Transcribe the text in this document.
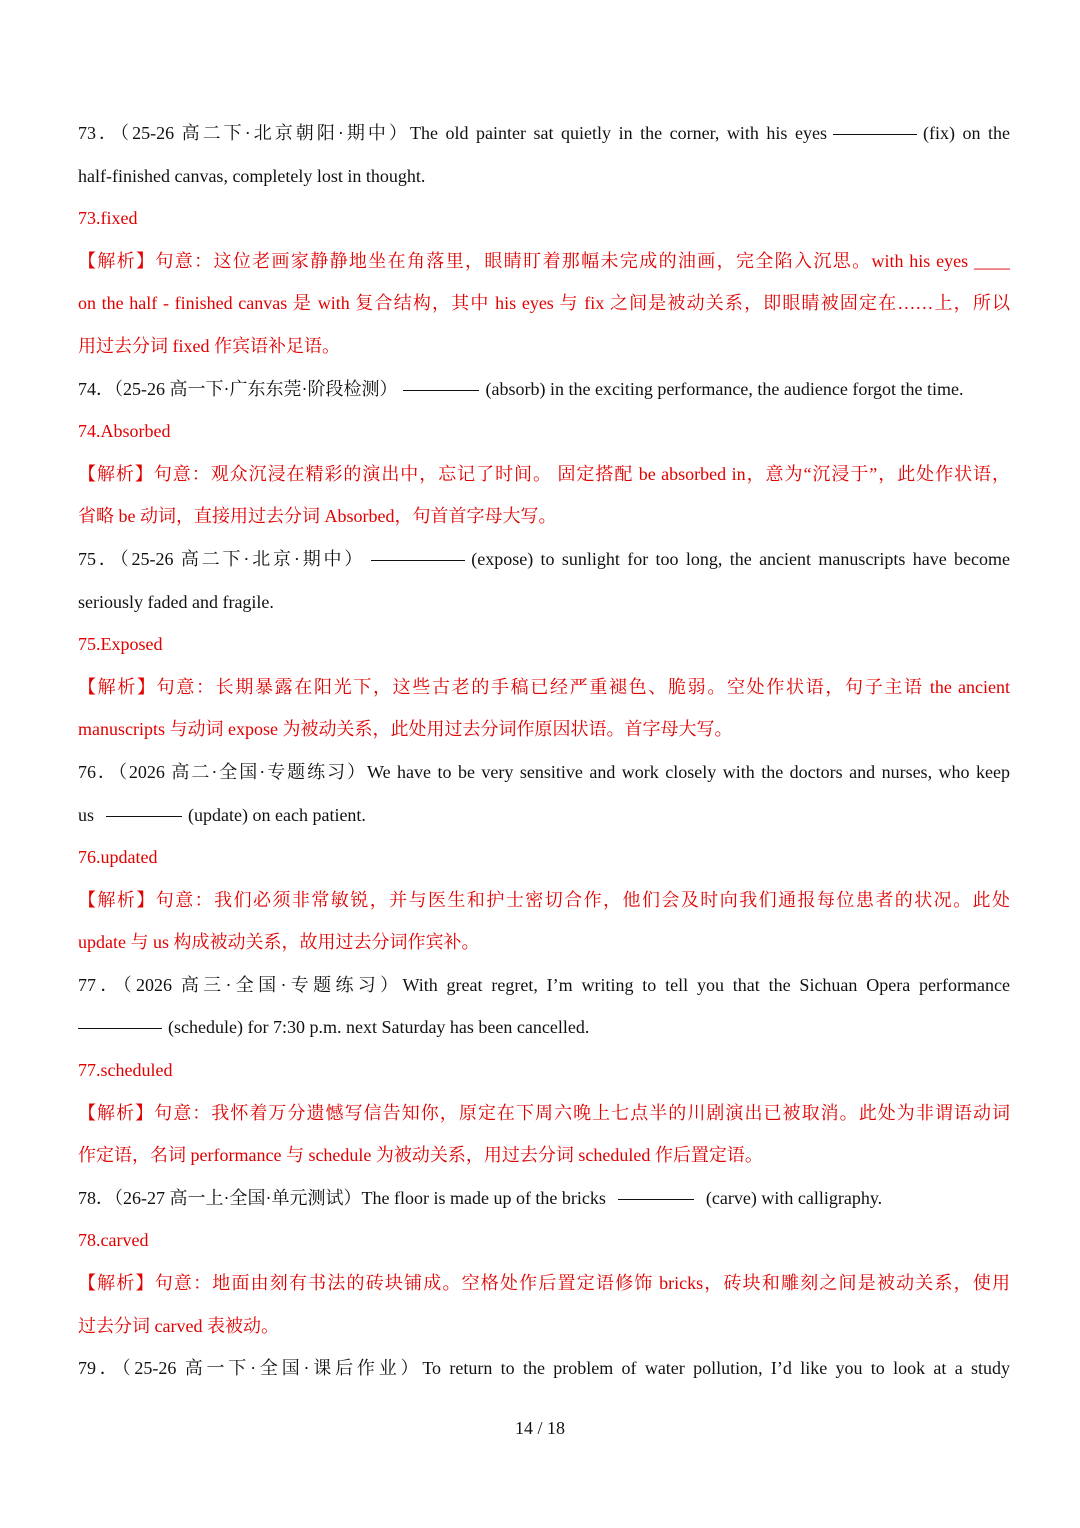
73．（25-26 高二下·北京朝阳·期中）The old painter sat quietly in the corner, with his eyes	(fix) on the
half-finished canvas, completely lost in thought.
73.fixed
【解析】句意：这位老画家静静地坐在角落里，眼睛盯着那幅未完成的油画，完全陷入沉思。with his eyes ____
on the half - finished canvas 是 with 复合结构，其中 his eyes 与 fix 之间是被动关系，即眼睛被固定在……上，所以
用过去分词 fixed 作宾语补足语。
74．（25-26 高一下·广东东莞·阶段检测）	(absorb) in the exciting performance, the audience forgot the time.
74.Absorbed
【解析】句意：观众沉浸在精彩的演出中，忘记了时间。 固定搭配 be absorbed in，意为“沉浸于”，此处作状语，
省略 be 动词，直接用过去分词 Absorbed，句首首字母大写。
75．（25-26 高二下·北京·期中）	(expose) to sunlight for too long, the ancient manuscripts have become
seriously faded and fragile.
75.Exposed
【解析】句意：长期暴露在阳光下，这些古老的手稿已经严重褪色、脆弱。空处作状语，句子主语 the ancient
manuscripts 与动词 expose 为被动关系，此处用过去分词作原因状语。首字母大写。
76．（2026 高二·全国·专题练习）We have to be very sensitive and work closely with the doctors and nurses, who keep
us	(update) on each patient.
76.updated
【解析】句意：我们必须非常敏锐，并与医生和护士密切合作，他们会及时向我们通报每位患者的状况。此处
update 与 us 构成被动关系，故用过去分词作宾补。
77．（2026 高三·全国·专题练习）With great regret, I’m writing to tell you that the Sichuan Opera performance
(schedule) for 7:30 p.m. next Saturday has been cancelled.
77.scheduled
【解析】句意：我怀着万分遗憾写信告知你，原定在下周六晚上七点半的川剧演出已被取消。此处为非谓语动词
作定语，名词 performance 与 schedule 为被动关系，用过去分词 scheduled 作后置定语。
78．（26-27 高一上·全国·单元测试）The floor is made up of the bricks	(carve) with calligraphy.
78.carved
【解析】句意：地面由刻有书法的砖块铺成。空格处作后置定语修饰 bricks，砖块和雕刻之间是被动关系，使用
过去分词 carved 表被动。
79．（25-26 高一下·全国·课后作业）To return to the problem of water pollution, I’d like you to look at a study
14 / 18
